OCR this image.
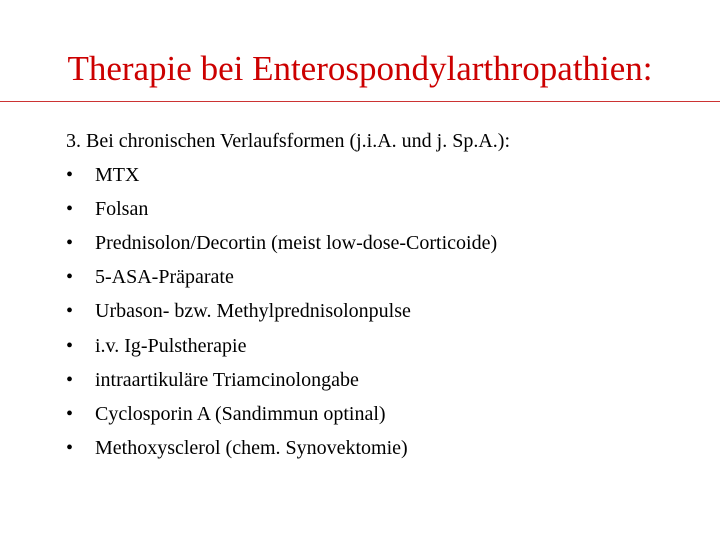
Therapie bei Enterospondylarthropathien:
3. Bei chronischen Verlaufsformen (j.i.A. und j. Sp.A.):
•	MTX
•	Folsan
•	Prednisolon/Decortin (meist low-dose-Corticoide)
•	5-ASA-Präparate
•	Urbason- bzw. Methylprednisolonpulse
•	i.v. Ig-Pulstherapie
•	intraartikuläre Triamcinolongabe
•	Cyclosporin A (Sandimmun optinal)
•	Methoxysclerol (chem. Synovektomie)
